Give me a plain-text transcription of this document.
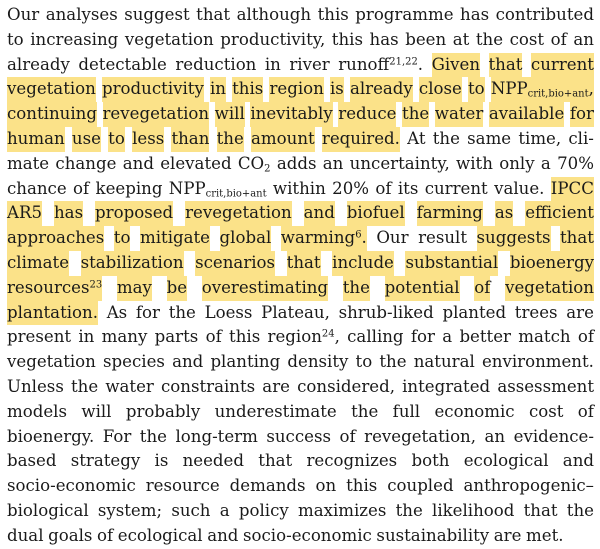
Our analyses suggest that although this programme has contributed
to increasing vegetation productivity, this has been at the cost of an
already detectable reduction in river runoff$^{21,22}$. Given that current
vegetation productivity in this region is already close to $NPP_{crit,bio+ant}$,
continuing revegetation will inevitably reduce the water available for
human use to less than the amount required. At the same time, cli-
mate change and elevated $CO_2$ adds an uncertainty, with only a 70%
chance of keeping $NPP_{crit,bio+ant}$ within 20% of its current value. IPCC
AR5 has proposed revegetation and biofuel farming as efficient
approaches to mitigate global warming$^6$. Our result suggests that
climate stabilization scenarios that include substantial bioenergy
resources$^{23}$ may be overestimating the potential of vegetation
plantation. As for the Loess Plateau, shrub-liked planted trees are
present in many parts of this region$^{24}$, calling for a better match of
vegetation species and planting density to the natural environment.
Unless the water constraints are considered, integrated assessment
models will probably underestimate the full economic cost of
bioenergy. For the long-term success of revegetation, an evidence-
based strategy is needed that recognizes both ecological and
socio-economic resource demands on this coupled anthropogenic–
biological system; such a policy maximizes the likelihood that the
dual goals of ecological and socio-economic sustainability are met.
